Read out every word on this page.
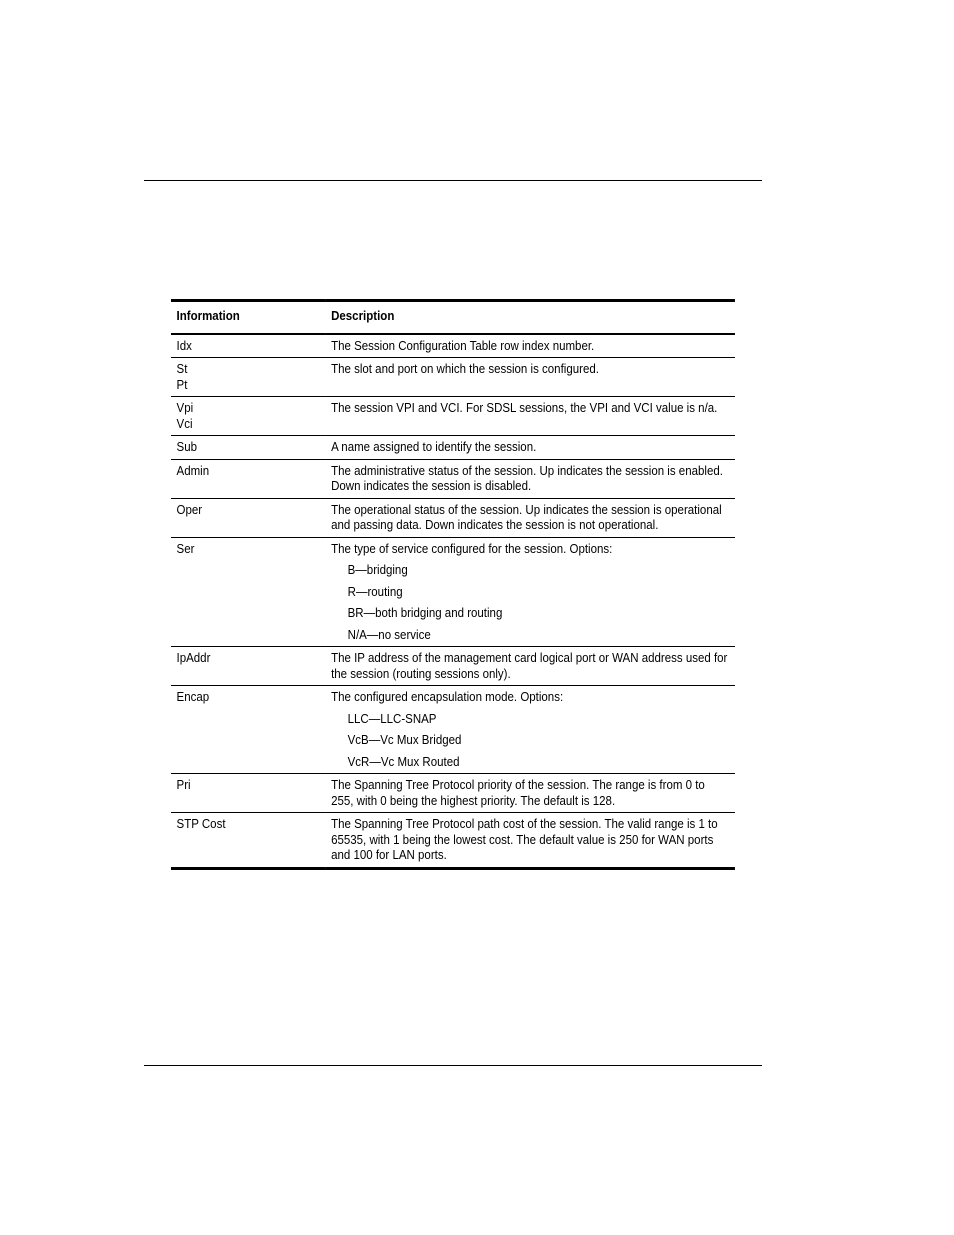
Information	Description

Idx	The Session Configuration Table row index number.

St
Pt	The slot and port on which the session is configured.

Vpi
Vci	The session VPI and VCI. For SDSL sessions, the VPI and VCI value is n/a.

Sub	A name assigned to identify the session.

Admin	The administrative status of the session. Up indicates the session is enabled. Down indicates the session is disabled.

Oper	The operational status of the session. Up indicates the session is operational and passing data. Down indicates the session is not operational.

Ser	The type of service configured for the session. Options:
B—bridging
R—routing
BR—both bridging and routing
N/A—no service

IpAddr	The IP address of the management card logical port or WAN address used for the session (routing sessions only).

Encap	The configured encapsulation mode. Options:
LLC—LLC-SNAP
VcB—Vc Mux Bridged
VcR—Vc Mux Routed

Pri	The Spanning Tree Protocol priority of the session. The range is from 0 to 255, with 0 being the highest priority. The default is 128.

STP Cost	The Spanning Tree Protocol path cost of the session. The valid range is 1 to 65535, with 1 being the lowest cost. The default value is 250 for WAN ports and 100 for LAN ports.
